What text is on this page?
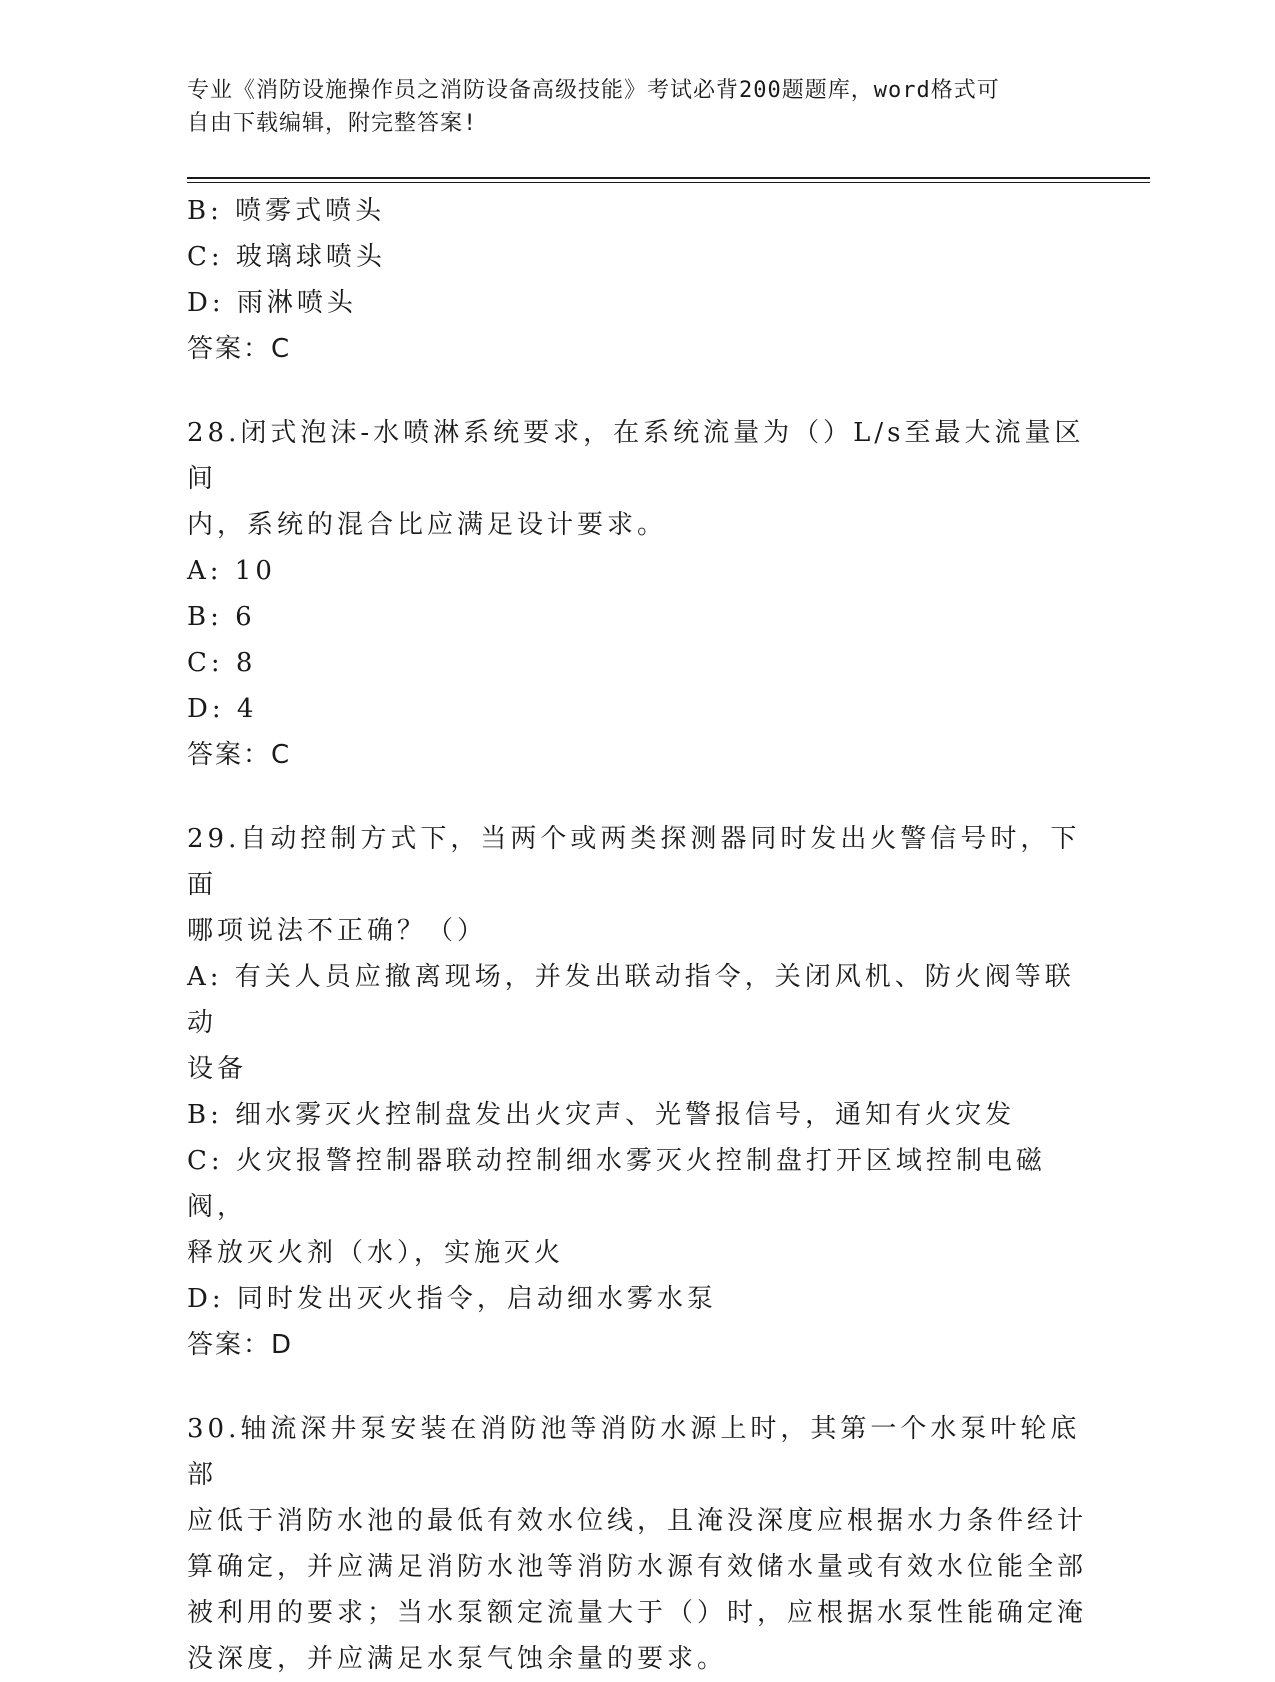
专业《消防设施操作员之消防设备高级技能》考试必背200题题库，word格式可
自由下载编辑，附完整答案!
B: 喷雾式喷头
C: 玻璃球喷头
D: 雨淋喷头
答案：C
28.闭式泡沫-水喷淋系统要求，在系统流量为（）L/s至最大流量区间
内，系统的混合比应满足设计要求。
A: 10
B: 6
C: 8
D: 4
答案：C
29.自动控制方式下，当两个或两类探测器同时发出火警信号时，下面
哪项说法不正确？（）
A: 有关人员应撤离现场，并发出联动指令，关闭风机、防火阀等联动
设备
B: 细水雾灭火控制盘发出火灾声、光警报信号，通知有火灾发
C: 火灾报警控制器联动控制细水雾灭火控制盘打开区域控制电磁阀，
释放灭火剂（水），实施灭火
D: 同时发出灭火指令，启动细水雾水泵
答案：D
30.轴流深井泵安装在消防池等消防水源上时，其第一个水泵叶轮底部
应低于消防水池的最低有效水位线，且淹没深度应根据水力条件经计
算确定，并应满足消防水池等消防水源有效储水量或有效水位能全部
被利用的要求；当水泵额定流量大于（）时，应根据水泵性能确定淹
没深度，并应满足水泵气蚀余量的要求。
